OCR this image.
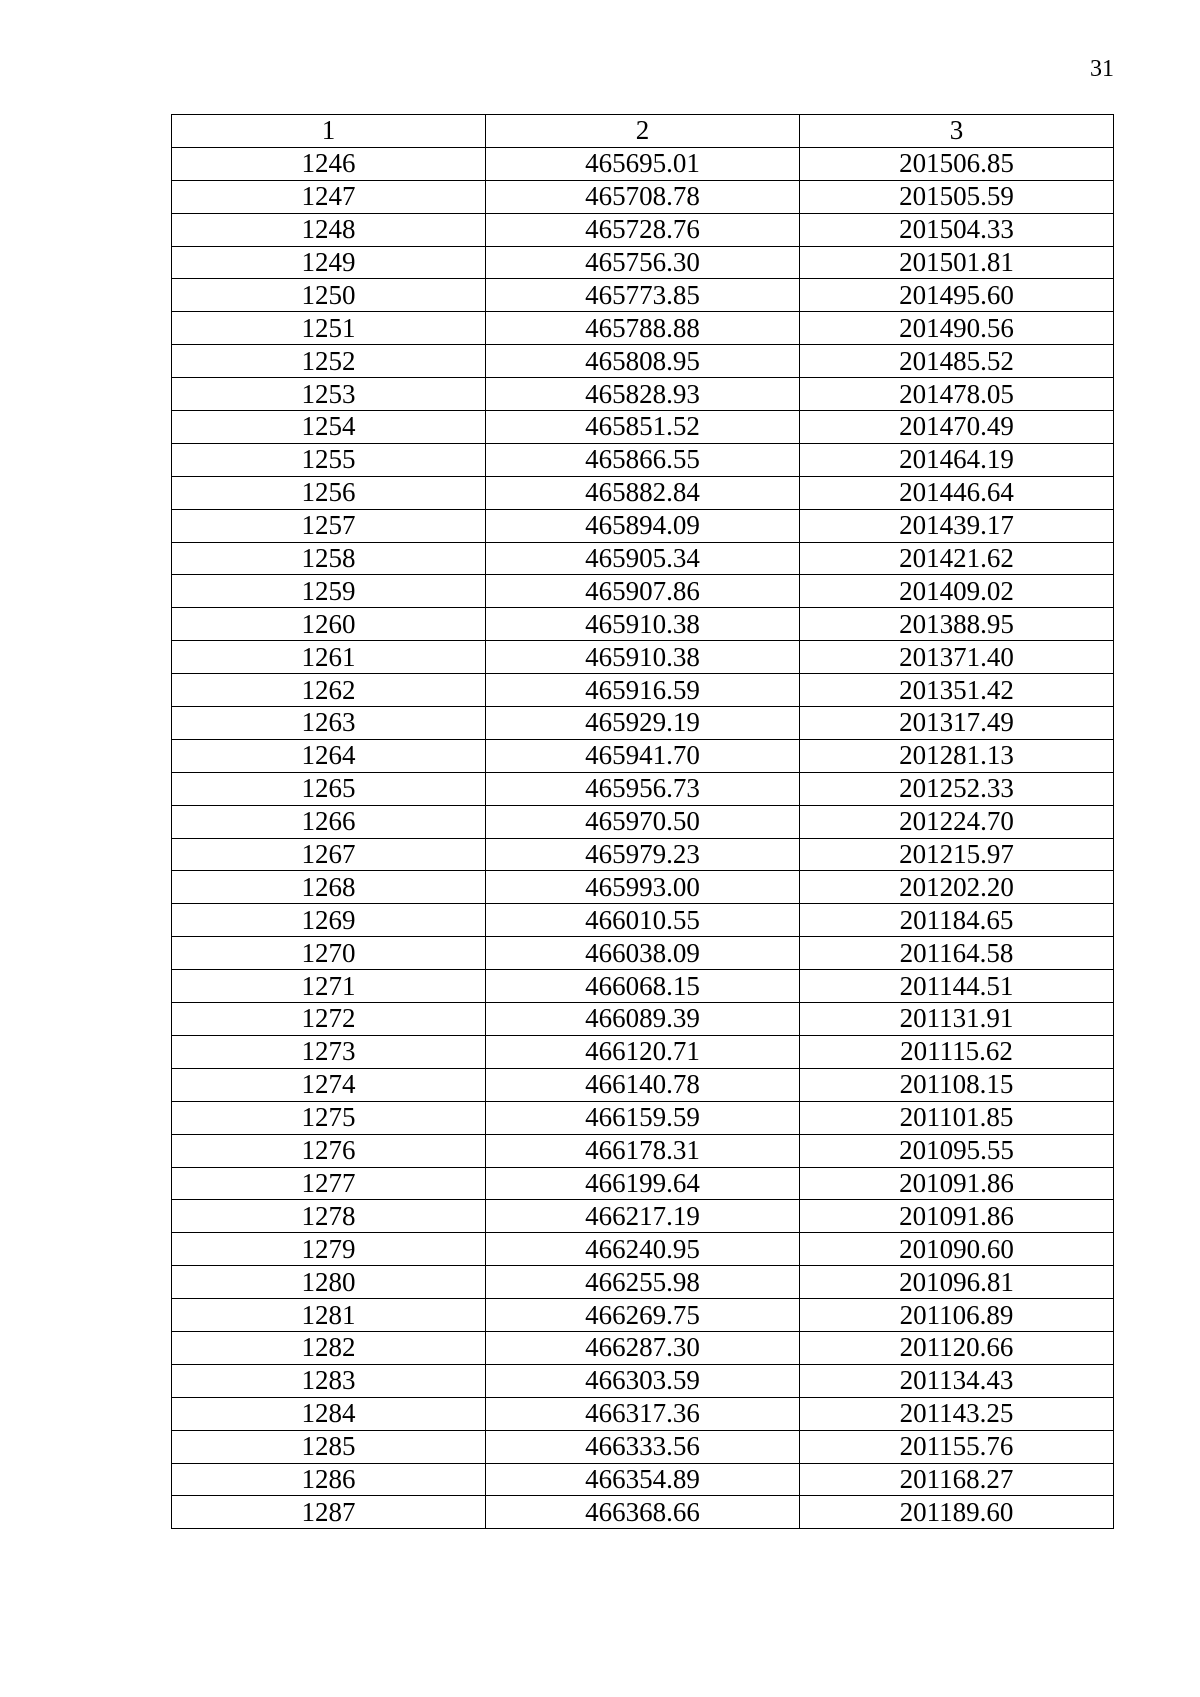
31
1	2	3
1246	465695.01	201506.85
1247	465708.78	201505.59
1248	465728.76	201504.33
1249	465756.30	201501.81
1250	465773.85	201495.60
1251	465788.88	201490.56
1252	465808.95	201485.52
1253	465828.93	201478.05
1254	465851.52	201470.49
1255	465866.55	201464.19
1256	465882.84	201446.64
1257	465894.09	201439.17
1258	465905.34	201421.62
1259	465907.86	201409.02
1260	465910.38	201388.95
1261	465910.38	201371.40
1262	465916.59	201351.42
1263	465929.19	201317.49
1264	465941.70	201281.13
1265	465956.73	201252.33
1266	465970.50	201224.70
1267	465979.23	201215.97
1268	465993.00	201202.20
1269	466010.55	201184.65
1270	466038.09	201164.58
1271	466068.15	201144.51
1272	466089.39	201131.91
1273	466120.71	201115.62
1274	466140.78	201108.15
1275	466159.59	201101.85
1276	466178.31	201095.55
1277	466199.64	201091.86
1278	466217.19	201091.86
1279	466240.95	201090.60
1280	466255.98	201096.81
1281	466269.75	201106.89
1282	466287.30	201120.66
1283	466303.59	201134.43
1284	466317.36	201143.25
1285	466333.56	201155.76
1286	466354.89	201168.27
1287	466368.66	201189.60
